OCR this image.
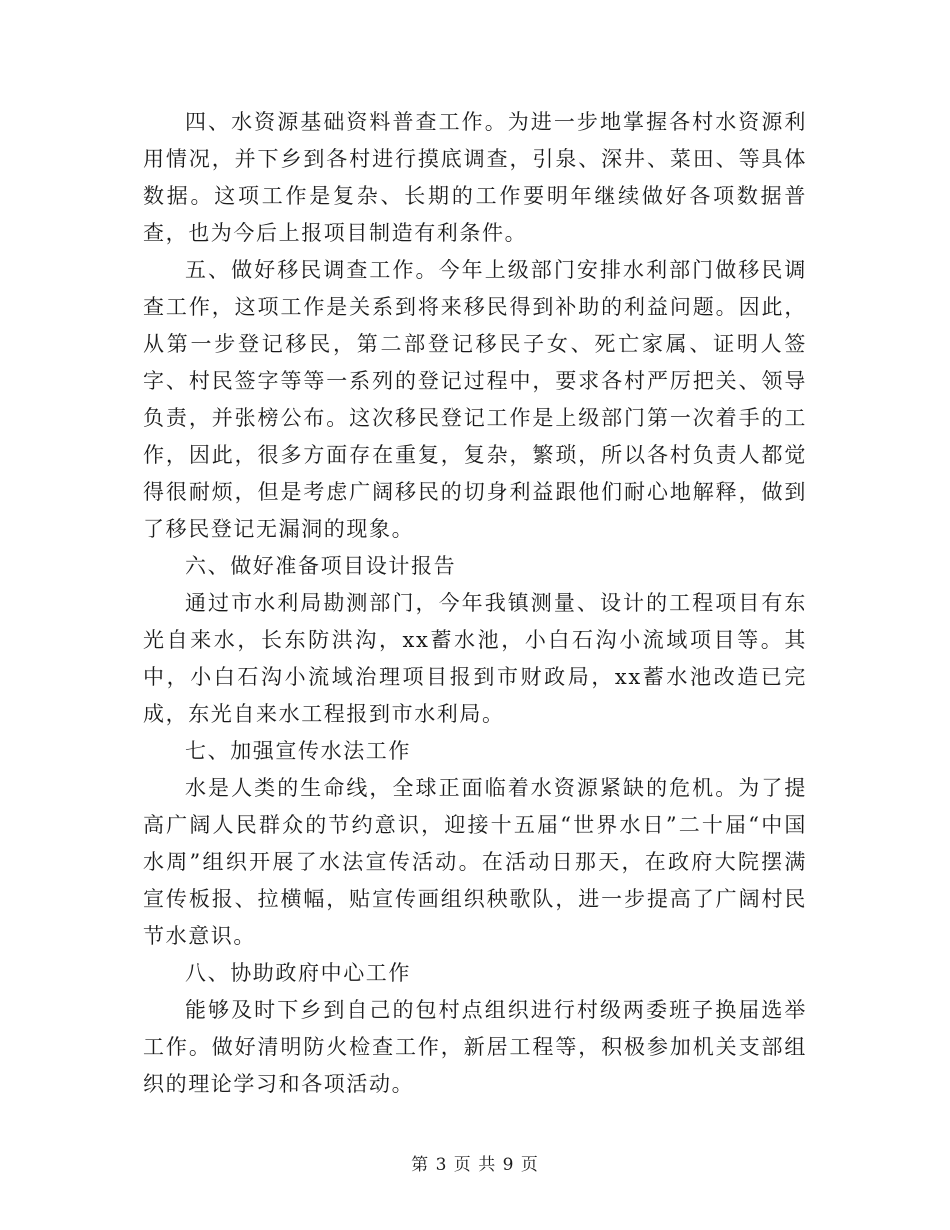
四、水资源基础资料普查工作。为进一步地掌握各村水资源利用情况，并下乡到各村进行摸底调查，引泉、深井、菜田、等具体数据。这项工作是复杂、长期的工作要明年继续做好各项数据普查，也为今后上报项目制造有利条件。

五、做好移民调查工作。今年上级部门安排水利部门做移民调查工作，这项工作是关系到将来移民得到补助的利益问题。因此，从第一步登记移民，第二部登记移民子女、死亡家属、证明人签字、村民签字等等一系列的登记过程中，要求各村严厉把关、领导负责，并张榜公布。这次移民登记工作是上级部门第一次着手的工作，因此，很多方面存在重复，复杂，繁琐，所以各村负责人都觉得很耐烦，但是考虑广阔移民的切身利益跟他们耐心地解释，做到了移民登记无漏洞的现象。

六、做好准备项目设计报告

通过市水利局勘测部门，今年我镇测量、设计的工程项目有东光自来水，长东防洪沟，xx蓄水池，小白石沟小流域项目等。其中，小白石沟小流域治理项目报到市财政局，xx蓄水池改造已完成，东光自来水工程报到市水利局。

七、加强宣传水法工作

水是人类的生命线，全球正面临着水资源紧缺的危机。为了提高广阔人民群众的节约意识，迎接十五届“世界水日”二十届“中国水周”组织开展了水法宣传活动。在活动日那天，在政府大院摆满宣传板报、拉横幅，贴宣传画组织秧歌队，进一步提高了广阔村民节水意识。

八、协助政府中心工作

能够及时下乡到自己的包村点组织进行村级两委班子换届选举工作。做好清明防火检查工作，新居工程等，积极参加机关支部组织的理论学习和各项活动。

第 3 页 共 9 页
